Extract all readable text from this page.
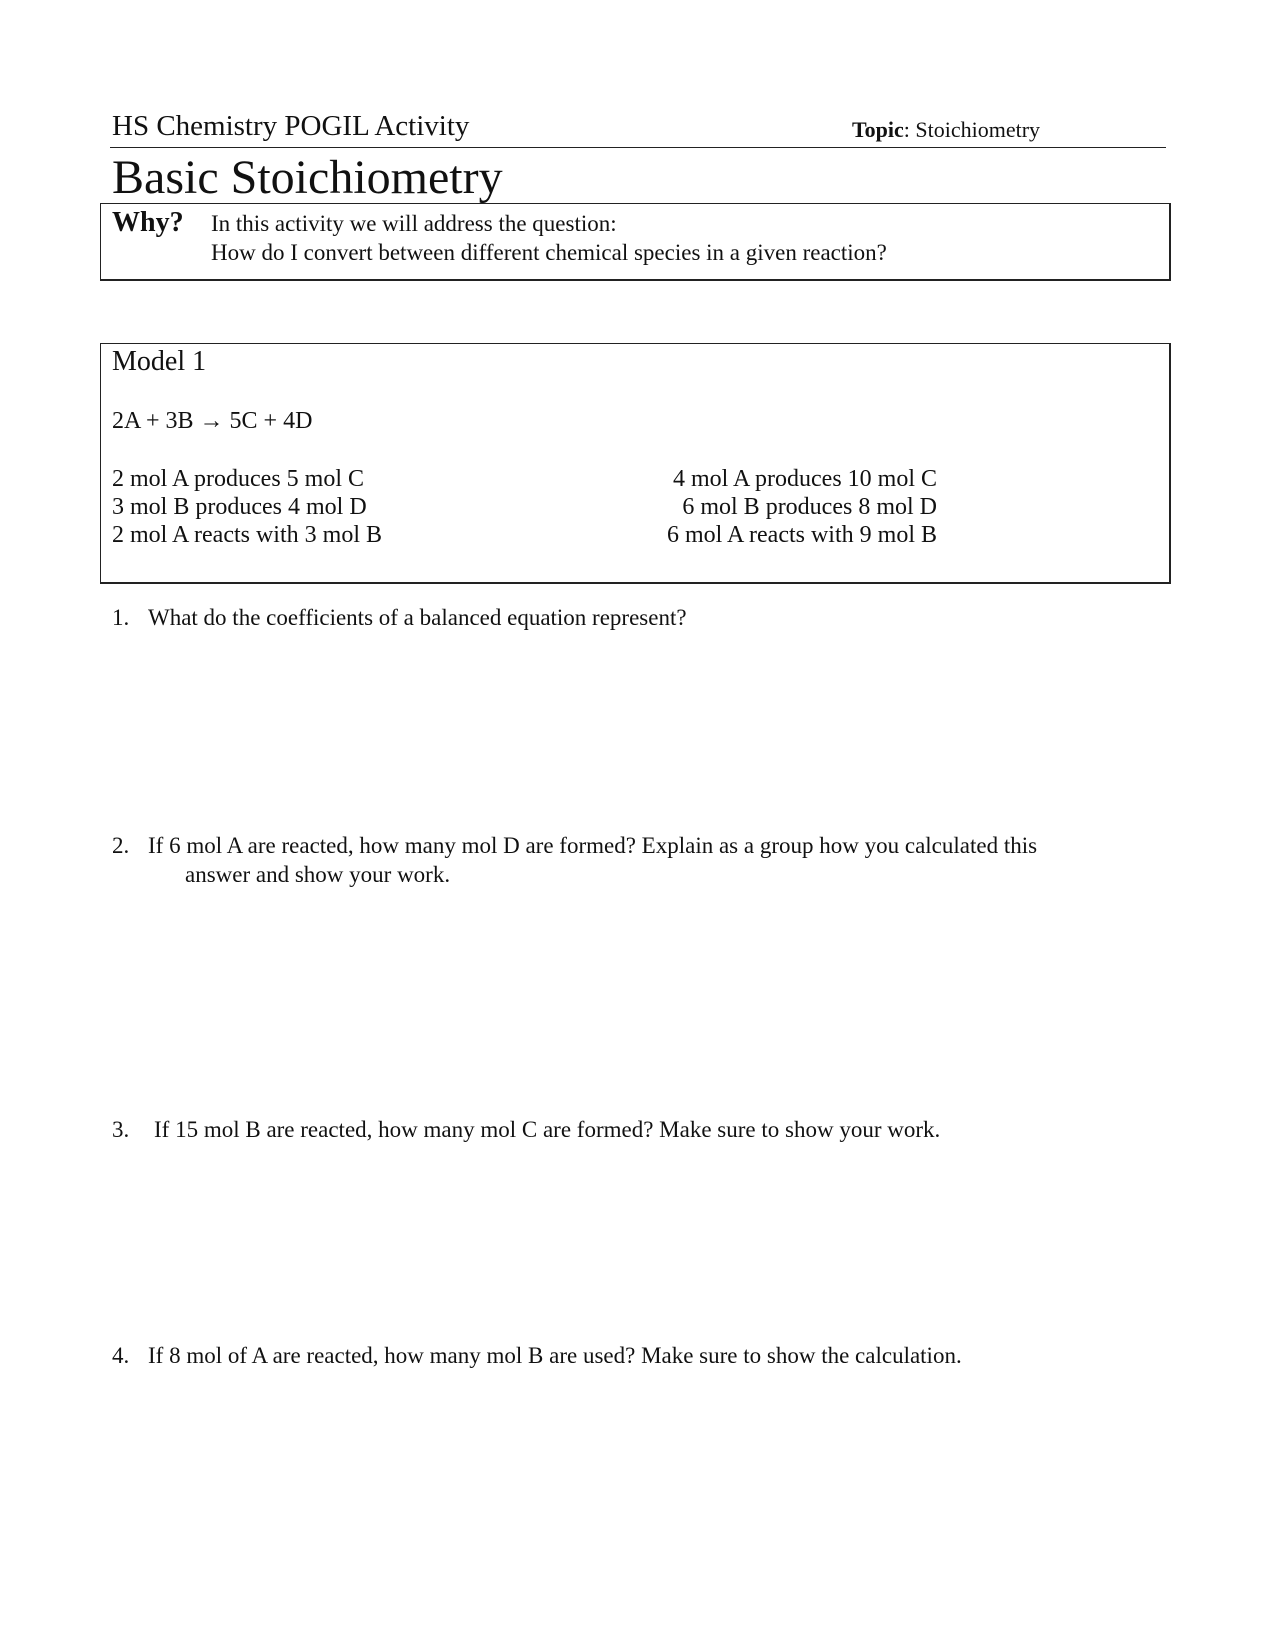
HS Chemistry POGIL Activity	Topic: Stoichiometry
Basic Stoichiometry
Why? In this activity we will address the question:
How do I convert between different chemical species in a given reaction?
Model 1
2A + 3B → 5C + 4D
2 mol A produces 5 mol C
3 mol B produces 4 mol D
2 mol A reacts with 3 mol B
4 mol A produces 10 mol C
6 mol B produces 8 mol D
6 mol A reacts with 9 mol B
1. What do the coefficients of a balanced equation represent?
2. If 6 mol A are reacted, how many mol D are formed? Explain as a group how you calculated this
answer and show your work.
3. If 15 mol B are reacted, how many mol C are formed? Make sure to show your work.
4. If 8 mol of A are reacted, how many mol B are used? Make sure to show the calculation.
